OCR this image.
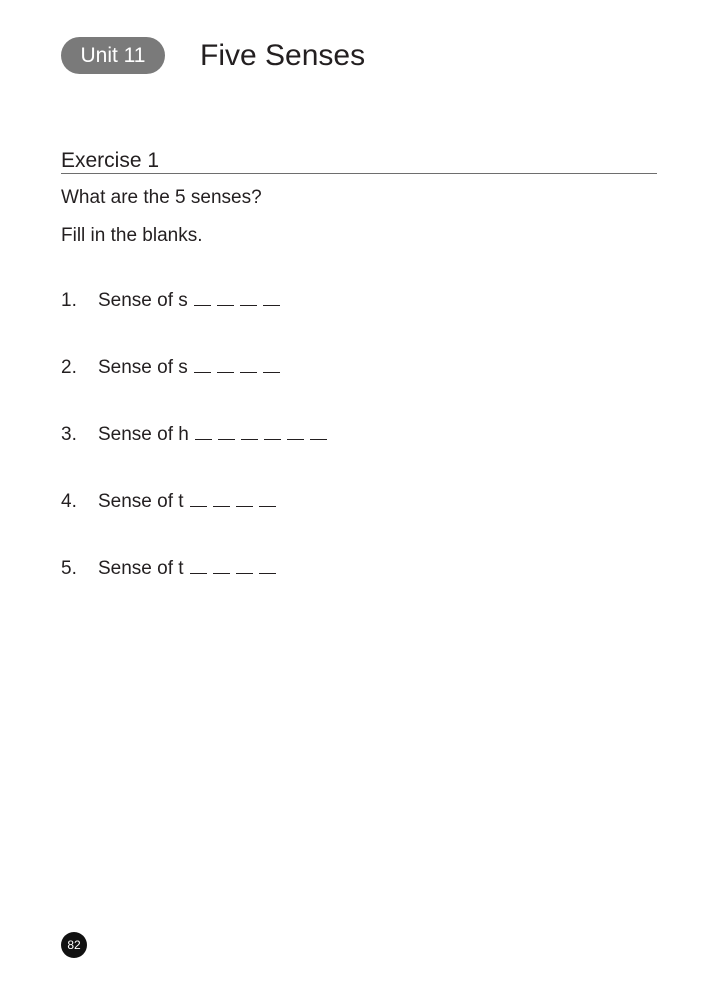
Unit 11	Five Senses
Exercise 1
What are the 5 senses?
Fill in the blanks.
1.	Sense of s
2.	Sense of s
3.	Sense of h
4.	Sense of t
5.	Sense of t
82
